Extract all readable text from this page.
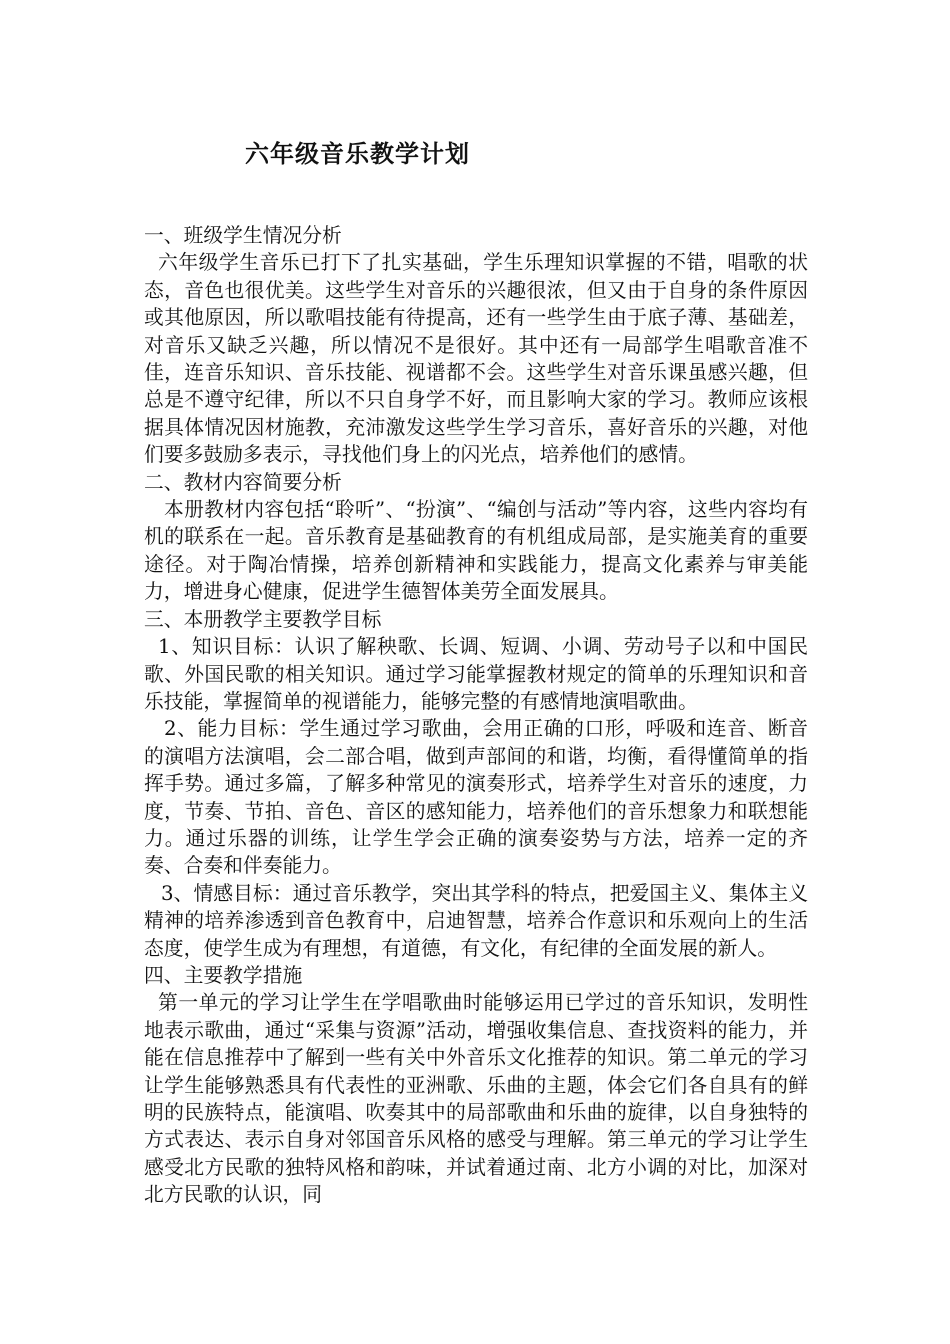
六年级音乐教学计划

一、班级学生情况分析

六年级学生音乐已打下了扎实基础，学生乐理知识掌握的不错，唱歌的状态，音色也很优美。这些学生对音乐的兴趣很浓，但又由于自身的条件原因或其他原因，所以歌唱技能有待提高，还有一些学生由于底子薄、基础差，对音乐又缺乏兴趣，所以情况不是很好。其中还有一局部学生唱歌音准不佳，连音乐知识、音乐技能、视谱都不会。这些学生对音乐课虽感兴趣，但总是不遵守纪律，所以不只自身学不好，而且影响大家的学习。教师应该根据具体情况因材施教，充沛激发这些学生学习音乐，喜好音乐的兴趣，对他们要多鼓励多表示，寻找他们身上的闪光点，培养他们的感情。

二、教材内容简要分析

本册教材内容包括“聆听”、“扮演”、“编创与活动”等内容，这些内容均有机的联系在一起。音乐教育是基础教育的有机组成局部，是实施美育的重要途径。对于陶冶情操，培养创新精神和实践能力，提高文化素养与审美能力，增进身心健康，促进学生德智体美劳全面发展具。

三、本册教学主要教学目标

1、知识目标：认识了解秧歌、长调、短调、小调、劳动号子以和中国民歌、外国民歌的相关知识。通过学习能掌握教材规定的简单的乐理知识和音乐技能，掌握简单的视谱能力，能够完整的有感情地演唱歌曲。

2、能力目标：学生通过学习歌曲，会用正确的口形，呼吸和连音、断音的演唱方法演唱，会二部合唱，做到声部间的和谐，均衡，看得懂简单的指挥手势。通过多篇，了解多种常见的演奏形式，培养学生对音乐的速度，力度，节奏、节拍、音色、音区的感知能力，培养他们的音乐想象力和联想能力。通过乐器的训练，让学生学会正确的演奏姿势与方法，培养一定的齐奏、合奏和伴奏能力。

3、情感目标：通过音乐教学，突出其学科的特点，把爱国主义、集体主义精神的培养渗透到音色教育中，启迪智慧，培养合作意识和乐观向上的生活态度，使学生成为有理想，有道德，有文化，有纪律的全面发展的新人。

四、主要教学措施

第一单元的学习让学生在学唱歌曲时能够运用已学过的音乐知识，发明性地表示歌曲，通过“采集与资源”活动，增强收集信息、查找资料的能力，并能在信息推荐中了解到一些有关中外音乐文化推荐的知识。第二单元的学习让学生能够熟悉具有代表性的亚洲歌、乐曲的主题，体会它们各自具有的鲜明的民族特点，能演唱、吹奏其中的局部歌曲和乐曲的旋律，以自身独特的方式表达、表示自身对邻国音乐风格的感受与理解。第三单元的学习让学生感受北方民歌的独特风格和韵味，并试着通过南、北方小调的对比，加深对北方民歌的认识，同
